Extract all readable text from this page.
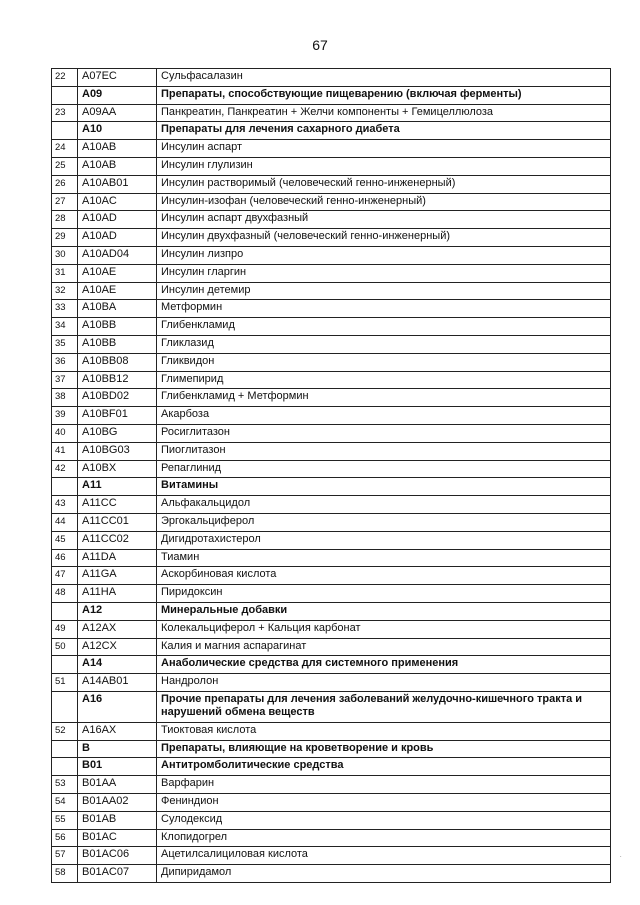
67
22	A07EC	Сульфасалазин
	A09	Препараты, способствующие пищеварению (включая ферменты)
23	A09AA	Панкреатин, Панкреатин + Желчи компоненты + Гемицеллюлоза
	A10	Препараты для лечения сахарного диабета
24	A10AB	Инсулин аспарт
25	A10AB	Инсулин глулизин
26	A10AB01	Инсулин растворимый (человеческий генно-инженерный)
27	A10AC	Инсулин-изофан (человеческий генно-инженерный)
28	A10AD	Инсулин аспарт двухфазный
29	A10AD	Инсулин двухфазный (человеческий генно-инженерный)
30	A10AD04	Инсулин лизпро
31	A10AE	Инсулин гларгин
32	A10AE	Инсулин детемир
33	A10BA	Метформин
34	A10BB	Глибенкламид
35	A10BB	Гликлазид
36	A10BB08	Гликвидон
37	A10BB12	Глимепирид
38	A10BD02	Глибенкламид + Метформин
39	A10BF01	Акарбоза
40	A10BG	Росиглитазон
41	A10BG03	Пиоглитазон
42	A10BX	Репаглинид
	A11	Витамины
43	A11CC	Альфакальцидол
44	A11CC01	Эргокальциферол
45	A11CC02	Дигидротахистерол
46	A11DA	Тиамин
47	A11GA	Аскорбиновая кислота
48	A11HA	Пиридоксин
	A12	Минеральные добавки
49	A12AX	Колекальциферол + Кальция карбонат
50	A12CX	Калия и магния аспарагинат
	A14	Анаболические средства для системного применения
51	A14AB01	Нандролон
	A16	Прочие препараты для лечения заболеваний желудочно-кишечного тракта и нарушений обмена веществ
52	A16AX	Тиоктовая кислота
	B	Препараты, влияющие на кроветворение и кровь
	B01	Антитромболитические средства
53	B01AA	Варфарин
54	B01AA02	Фениндион
55	B01AB	Сулодексид
56	B01AC	Клопидогрел
57	B01AC06	Ацетилсалициловая кислота
58	B01AC07	Дипиридамол
·
